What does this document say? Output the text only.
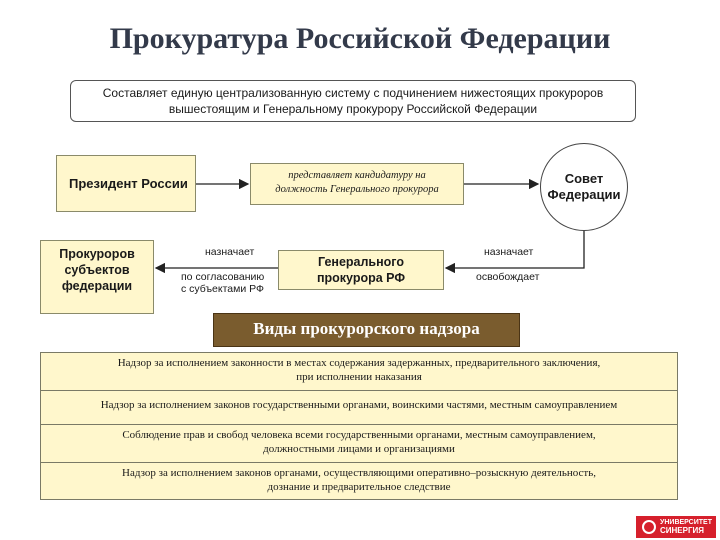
Прокуратура Российской Федерации
Составляет единую централизованную систему с подчинением нижестоящих прокуроров
вышестоящим и Генеральному прокурору Российской Федерации
Президент России
представляет кандидатуру на
должность Генерального прокурора
Совет
Федерации
Прокуроров
субъектов
федерации
Генерального
прокурора РФ
назначает
по согласованию
с субъектами РФ
назначает
освобождает
Виды прокурорского надзора
Надзор за исполнением законности в местах содержания задержанных, предварительного заключения,
при исполнении наказания
Надзор за исполнением законов государственными органами, воинскими частями, местным самоуправлением
Соблюдение прав и свобод человека всеми государственными органами, местным самоуправлением,
должностными лицами и организациями
Надзор за исполнением законов органами, осуществляющими оперативно–розыскную деятельность,
дознание и предварительное следствие
УНИВЕРСИТЕТ
СИНЕРГИЯ
